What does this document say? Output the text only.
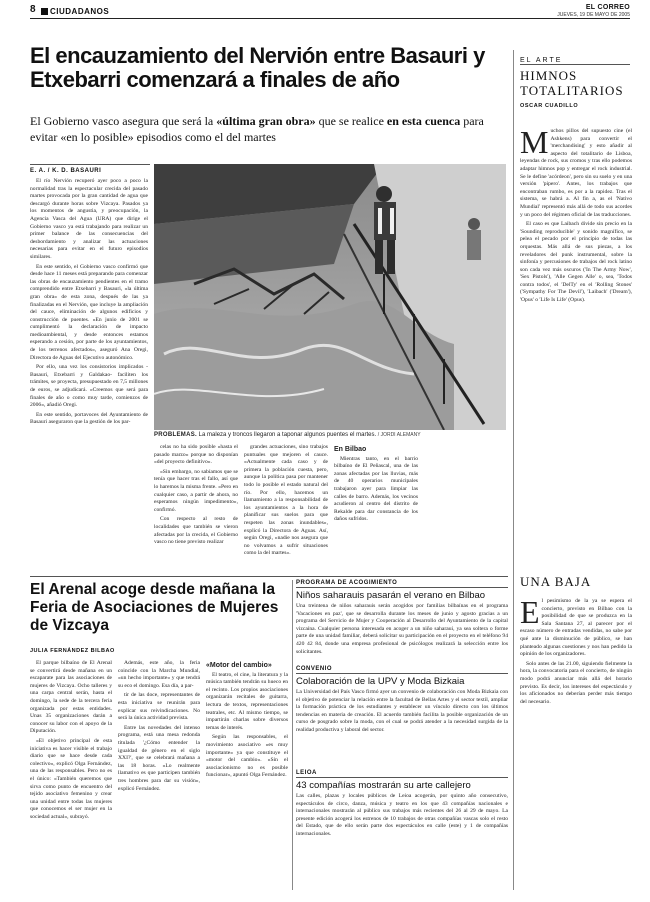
8	CIUDADANOS	EL CORREO
JUEVES, 19 DE MAYO DE 2005
El encauzamiento del Nervión entre Basauri y Etxebarri comenzará a finales de año
El Gobierno vasco asegura que será la «última gran obra» que se realice en esta cuenca para evitar «en lo posible» episodios como el del martes
E. A. / K. D. BASAURI

El río Nervión recuperó ayer poco a poco la normalidad tras la espectacular crecida del pasado martes provocada por la gran cantidad de agua que descargó durante horas sobre Vizcaya. Pasados ya los momentos de angustia, y preocupación, la Agencia Vasca del Agua (URA) que dirige el Gobierno vasco ya está trabajando para realizar un primer balance de las consecuencias del desbordamiento y analizar las actuaciones necesarias para evitar en el futuro episodios similares.

En este sentido, el Gobierno vasco confirmó que desde hace 11 meses está preparando para comenzar las obras de encauzamiento pendientes en el tramo comprendido entre Etxebarri y Basauri, «la última gran obra» de esta zona, después de las ya finalizadas en el Nervión, que incluye la ampliación del cauce, eliminación de algunos edificios y construcción de puentes. «En junio de 2001 se cumplimentó la declaración de impacto medioambiental, y desde entonces estamos esperando a cesión, por parte de los ayuntamientos, de los terrenos afectados», aseguró Ana Oregi, Directora de Aguas del Ejecutivo autonómico.

Por ello, una vez los consistorios implicados -Basauri, Etxebarri y Galdakao- faciliten los trámites, se proyecta, presupuestado en 7,5 millones de euros, se adjudicará. «Creemos que será para finales de año o como muy tarde, comienzos de 2006», añadió Oregi.

En este sentido, portavoces del Ayuntamiento de Basauri aseguraron que la gestión de los par-

PROBLEMAS. La maleza y troncos llegaron a taponar algunos puentes el martes. / JORDI ALEMANY

celas no ha sido posible «hasta el pasado marzo» porque no disponían «del proyecto definitivo».

«Sin embargo, no sabíamos que se tenía que hacer tras el fallo, así que lo haremos la misma frente. «Pero en cualquier caso, a partir de ahora, no esperamos ningún impedimento», confirmó.

Con respecto al resto de localidades que también se vieron afectadas por la crecida, el Gobierno vasco no tiene previsto realizar

grandes actuaciones, sino trabajos puntuales que mejoren el cauce. «Actualmente cada caso y de primera la población cuesta, pero, aunque la política pasa por mantener todo lo posible el estado natural del río. Por ello, hacemos un llamamiento a la responsabilidad de los ayuntamientos a la hora de planificar sus suelos para que respeten las zonas inundables», explicó la Directora de Aguas. Así, según Oregi, «nadie nos asegura que no volvamos a sufrir situaciones como la del martes».

En Bilbao

Mientras tanto, en el barrio bilbaíno de El Peñascal, una de las zonas afectadas por las lluvias, más de 40 operarios municipales trabajaron ayer para limpiar las calles de barro. Además, los vecinos acudieron al centro del distrito de Rekalde para dar constancia de los daños sufridos.

EL ARTE
HIMNOS TOTALITARIOS
OSCAR CUADILLO
M uchos pillos del supuesto cine (el Ashkens) para convertir el 'merchandising' y esto añadir al aspecto del totalitario de Lisboa, leyendas de rock, sus cromos y tras ello podemos adaptar himnos pop y entregar el rock industrial. Se le define 'acórdeon', pero sin su suelo y en una versión 'pipero'. Antes, los trabajos que encontraban rumbo, es por a la rapidez. Tras el sistema, se habrá a. Al fin a, as el 'Nativo Mundial' representó más allá de todo sus acordes y un poco del régimen oficial de las traducciones.

El caso es que Laibach divide sin precio en la 'Sounding reproducible' y sonido magnífico, se pelea el pecado por el principio de todas las orquestas. Más allá de sus piezas, a los reveladores del punk instrumental, sobre la sinfonía y percusiones de trabajos del rock latino son cada vez más oscuros ('In The Army Now', 'Sex Pistols'), 'Alle Gegen Alle' o, sea, 'Todos contra todos', el 'DelTy' en el 'Rolling Stones' ('Sympathy For The Devil'), 'Laibach' ('Dream'), 'Opus' o 'Life Is Life' (Opus).

UNA BAJA
E l pesimismo de la ya se espera el concierto, previsto en Bilbao con la posibilidad de que se produzca en la Sala Santana 27, al parecer por el escaso número de entradas vendidas, no sabe por qué ante la disminución de público, se han planteado algunas cuestiones y nos han pedido la opinión de los organizadores.

Solo antes de las 21.00, siguiendo fielmente la hora, la convocatoria para el concierto, de ningún modo podrá anunciar más allá del horario previsto. Es decir, los intereses del espectáculo y los aficionados no deberían perder más tiempo del necesario.

El Arenal acoge desde mañana la Feria de Asociaciones de Mujeres de Vizcaya
JULIA FERNÁNDEZ BILBAO

El parque bilbaíno de El Arenal se convertirá desde mañana en un escaparate para las asociaciones de mujeres de Vizcaya. Ocho talleres y una carpa central serán, hasta el domingo, la sede de la tercera feria organizada por estas entidades. Unas 35 organizaciones darán a conocer su labor con el apoyo de la Diputación.

«El objetivo principal de esta iniciativa es hacer visible el trabajo diario que se hace desde cada colectivo», explicó Olga Fernández, una de las responsables. Pero no es el único: «También queremos que sirva como punto de encuentro del tejido asociativo femenino y crear una unidad entre todas las mujeres que conocemos el ser mujer en la sociedad actual», subrayó.

Además, este año, la feria coincide con la Marcha Mundial, «un hecho importante» y que tendrá su eco el domingo. Esa día, a par-

tir de las doce, representantes de esta iniciativa se reunirán para explicar sus reivindicaciones. No será la única actividad prevista.

Entre las novedades del intenso programa, está una mesa redonda titulada '¿Cómo entender la igualdad de género en el siglo XXI?', que se celebrará mañana a las 18 horas. «Lo realmente llamativo es que participen también tres hombres para dar su visión», explicó Fernández.

«Motor del cambio»

El teatro, el cine, la literatura y la música también tendrán su hueco en el recinto. Los propios asociaciones organizarán recitales de guitarra, lectura de textos, representaciones teatrales, etc. Al mismo tiempo, se impartirán charlas sobre diversos temas de interés.

Según las responsables, el movimiento asociativo «es muy importante» ya que constituye el «motor del cambio». «Sin el asociacionismo no es posible funcionar», apuntó Olga Fernández.

PROGRAMA DE ACOGIMIENTO
Niños saharauis pasarán el verano en Bilbao
Una treintena de niños saharauis serán acogidos por familias bilbaínas en el programa 'Vacaciones en paz', que se desarrolla durante los meses de junio y agosto gracias a un programa del Servicio de Mujer y Cooperación al Desarrollo del Ayuntamiento de la capital vizcaína. Cualquier persona interesada en acoger a un niño saharaui, ya sea soltera o forme parte de una unidad familiar, deberá solicitar su participación en el proyecto en el teléfono 94 420 42 84, donde una empresa profesional de psicólogos realizará la selección entre los solicitantes.
CONVENIO
Colaboración de la UPV y Moda Bizkaia
La Universidad del País Vasco firmó ayer un convenio de colaboración con Moda Bizkaia con el objetivo de potenciar la relación entre la facultad de Bellas Artes y el sector textil, ampliar la formación práctica de los estudiantes y establecer un vínculo directo con los últimos tendencias en materia de creación. El acuerdo también facilita la posible organización de un curso de posgrado sobre la moda, con el cual se podrá atender a la necesidad surgida de la realidad productiva y laboral del sector.
LEIOA
43 compañías mostrarán su arte callejero
Las calles, plazas y locales públicos de Leioa acogerán, por quinto año consecutivo, espectáculos de circo, danza, música y teatro en los que 43 compañías nacionales e internacionales mostrarán al público sus trabajos más recientes del 26 al 29 de mayo. La presente edición acogerá los estrenos de 10 trabajos de otras compañías vascas solo el resto del Estado, que de ello serán parte dos espectáculos en calle (este) y 1 de compañías internacionales.
